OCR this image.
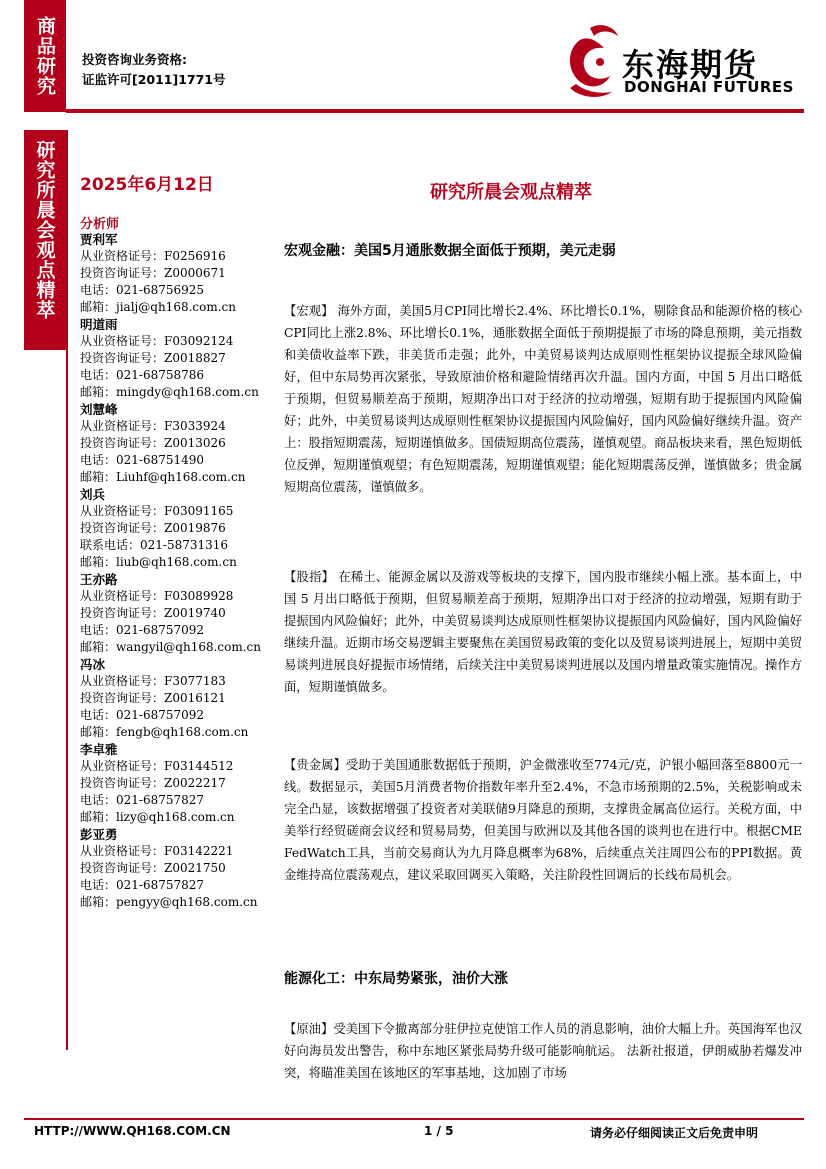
商品研究	投资咨询业务资格:
证监许可[2011]1771号	东海期货
DONGHAI FUTURES
研究所晨会观点精萃	2025年6月12日
分析师
贾利军
从业资格证号：F0256916
投资咨询证号：Z0000671
电话：021-68756925
邮箱：jialj@qh168.com.cn
明道雨
从业资格证号：F03092124
投资咨询证号：Z0018827
电话：021-68758786
邮箱：mingdy@qh168.com.cn
刘慧峰
从业资格证号：F3033924
投资咨询证号：Z0013026
电话：021-68751490
邮箱：Liuhf@qh168.com.cn
刘兵
从业资格证号：F03091165
投资咨询证号：Z0019876
联系电话：021-58731316
邮箱：liub@qh168.com.cn
王亦路
从业资格证号：F03089928
投资咨询证号：Z0019740
电话：021-68757092
邮箱：wangyil@qh168.com.cn
冯冰
从业资格证号：F3077183
投资咨询证号：Z0016121
电话：021-68757092
邮箱：fengb@qh168.com.cn
李卓雅
从业资格证号：F03144512
投资咨询证号：Z0022217
电话：021-68757827
邮箱：lizy@qh168.com.cn
彭亚勇
从业资格证号：F03142221
投资咨询证号：Z0021750
电话：021-68757827
邮箱：pengyy@qh168.com.cn
研究所晨会观点精萃
宏观金融：美国5月通胀数据全面低于预期，美元走弱
【宏观】 海外方面，美国5月CPI同比增长2.4%、环比增长0.1%，剔除食品和能源价格的核心CPI同比上涨2.8%、环比增长0.1%，通胀数据全面低于预期提振了市场的降息预期，美元指数和美债收益率下跌，非美货币走强；此外，中美贸易谈判达成原则性框架协议提振全球风险偏好，但中东局势再次紧张，导致原油价格和避险情绪再次升温。国内方面，中国 5 月出口略低于预期，但贸易顺差高于预期，短期净出口对于经济的拉动增强，短期有助于提振国内风险偏好；此外，中美贸易谈判达成原则性框架协议提振国内风险偏好，国内风险偏好继续升温。资产上：股指短期震荡，短期谨慎做多。国债短期高位震荡，谨慎观望。商品板块来看，黑色短期低位反弹，短期谨慎观望；有色短期震荡，短期谨慎观望；能化短期震荡反弹，谨慎做多；贵金属短期高位震荡，谨慎做多。
【股指】 在稀土、能源金属以及游戏等板块的支撑下，国内股市继续小幅上涨。基本面上，中国 5 月出口略低于预期，但贸易顺差高于预期，短期净出口对于经济的拉动增强，短期有助于提振国内风险偏好；此外，中美贸易谈判达成原则性框架协议提振国内风险偏好，国内风险偏好继续升温。近期市场交易逻辑主要聚焦在美国贸易政策的变化以及贸易谈判进展上，短期中美贸易谈判进展良好提振市场情绪，后续关注中美贸易谈判进展以及国内增量政策实施情况。操作方面，短期谨慎做多。
【贵金属】受助于美国通胀数据低于预期，沪金微涨收至774元/克，沪银小幅回落至8800元一线。数据显示，美国5月消费者物价指数年率升至2.4%，不急市场预期的2.5%，关税影响或未完全凸显，该数据增强了投资者对美联储9月降息的预期，支撑贵金属高位运行。关税方面，中美举行经贸磋商会议经和贸易局势，但美国与欧洲以及其他各国的谈判也在进行中。根据CME FedWatch工具，当前交易商认为九月降息概率为68%，后续重点关注周四公布的PPI数据。黄金维持高位震荡观点，建议采取回调买入策略，关注阶段性回调后的长线布局机会。
能源化工：中东局势紧张，油价大涨
【原油】受美国下令撤离部分驻伊拉克使馆工作人员的消息影响，油价大幅上升。英国海军也汉好向海员发出警告，称中东地区紧张局势升级可能影响航运。 法新社报道，伊朗威胁若爆发冲突，将瞄准美国在该地区的军事基地，这加剧了市场
HTTP://WWW.QH168.COM.CN	1 / 5	请务必仔细阅读正文后免责申明
